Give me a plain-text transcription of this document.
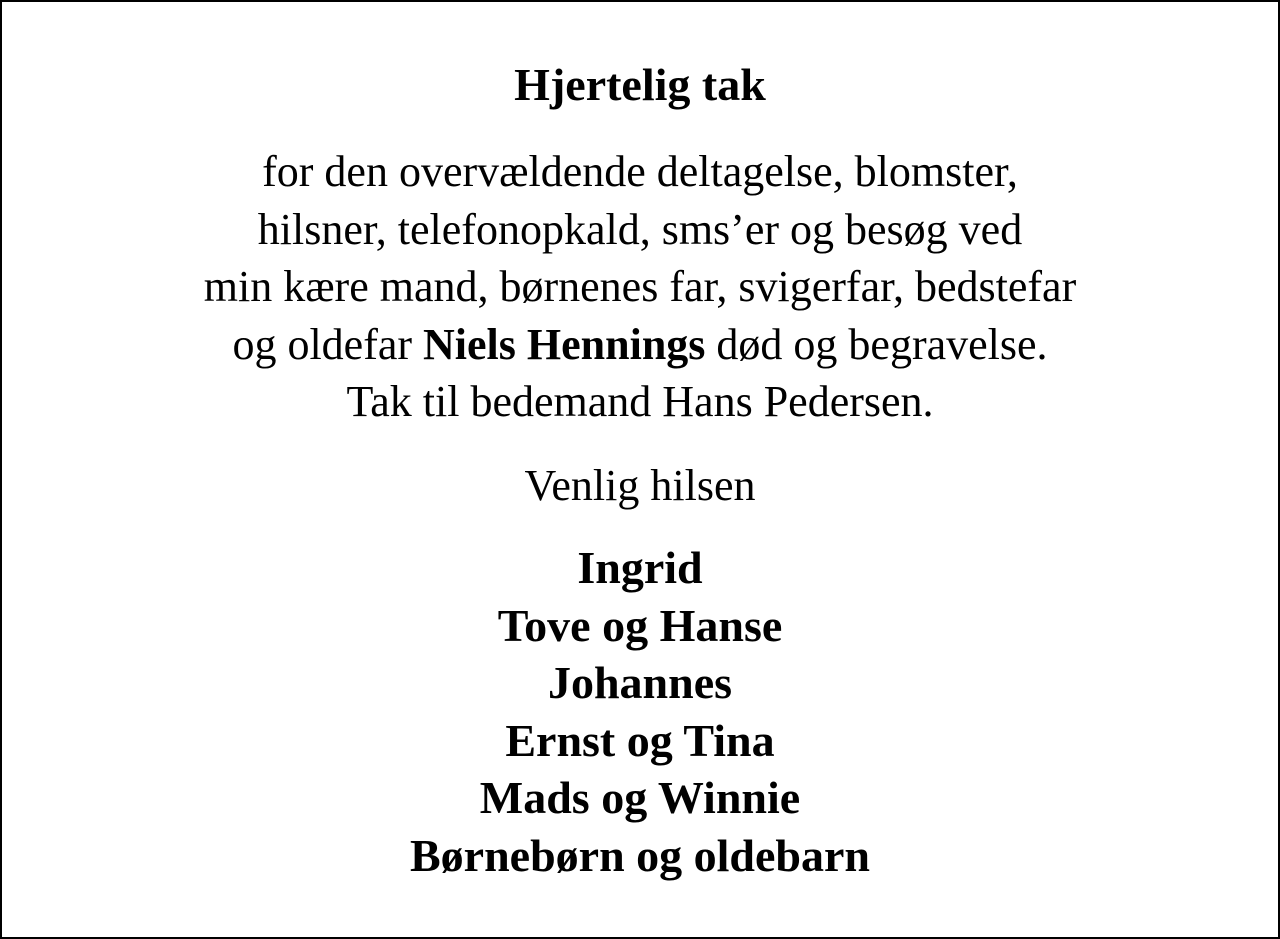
Hjertelig tak
for den overvældende deltagelse, blomster,
hilsner, telefonopkald, sms’er og besøg ved
min kære mand, børnenes far, svigerfar, bedstefar
og oldefar Niels Hennings død og begravelse.
Tak til bedemand Hans Pedersen.
Venlig hilsen
Ingrid
Tove og Hanse
Johannes
Ernst og Tina
Mads og Winnie
Børnebørn og oldebarn
